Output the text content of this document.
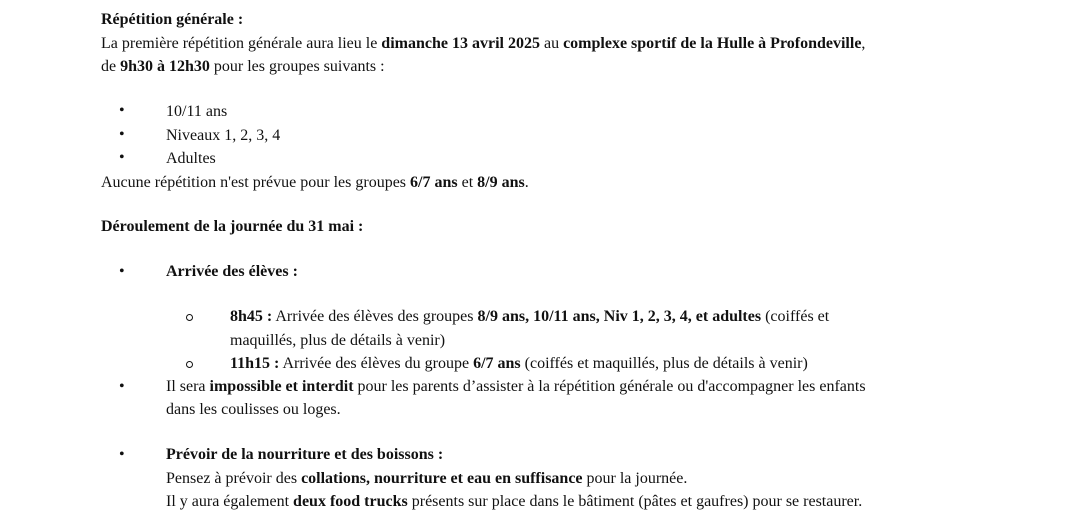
Répétition générale :
La première répétition générale aura lieu le dimanche 13 avril 2025 au complexe sportif de la Hulle à Profondeville,
de 9h30 à 12h30 pour les groupes suivants :
•	10/11 ans
•	Niveaux 1, 2, 3, 4
•	Adultes
Aucune répétition n'est prévue pour les groupes 6/7 ans et 8/9 ans.
Déroulement de la journée du 31 mai :
•	Arrivée des élèves :
8h45 : Arrivée des élèves des groupes 8/9 ans, 10/11 ans, Niv 1, 2, 3, 4, et adultes (coiffés et
maquillés, plus de détails à venir)
11h15 : Arrivée des élèves du groupe 6/7 ans (coiffés et maquillés, plus de détails à venir)
•	Il sera impossible et interdit pour les parents d’assister à la répétition générale ou d'accompagner les enfants
dans les coulisses ou loges.
•	Prévoir de la nourriture et des boissons :
Pensez à prévoir des collations, nourriture et eau en suffisance pour la journée.
Il y aura également deux food trucks présents sur place dans le bâtiment (pâtes et gaufres) pour se restaurer.
